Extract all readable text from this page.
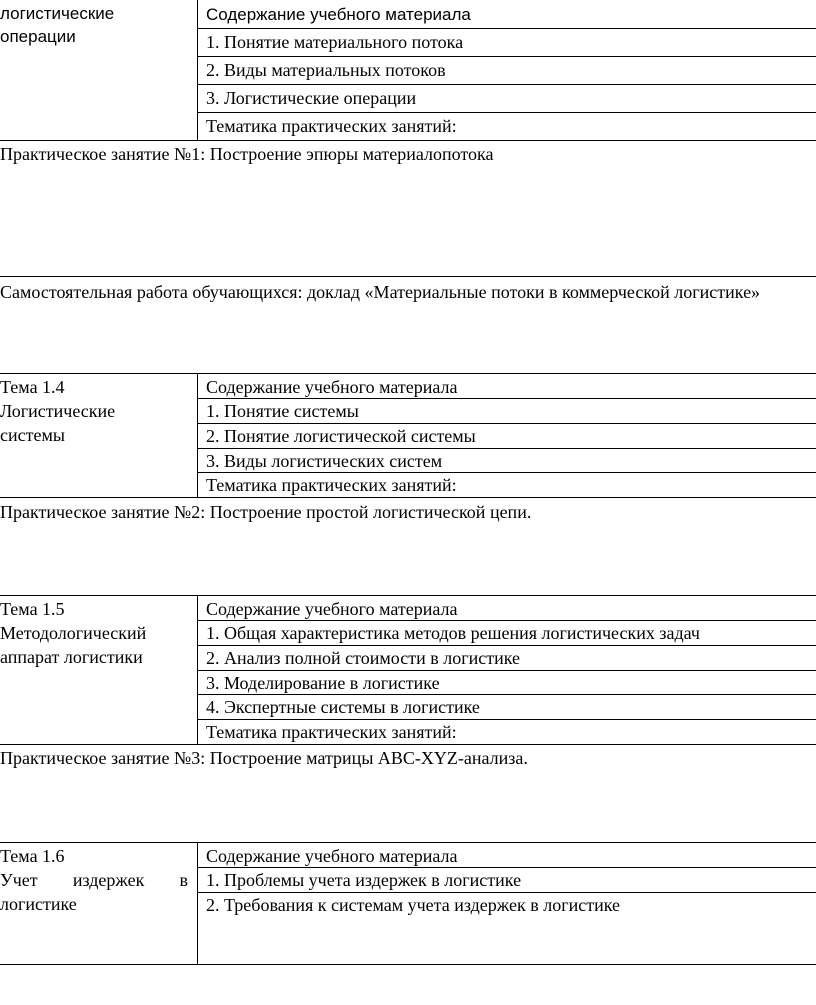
логистические
операции
Содержание учебного материала
1. Понятие материального потока
2. Виды материальных потоков
3. Логистические операции
Тематика практических занятий:
Практическое занятие №1: Построение эпюры материалопотока
Самостоятельная работа обучающихся: доклад «Материальные потоки в коммерческой логистике»
Тема 1.4
Логистические
системы
Содержание учебного материала
1. Понятие системы
2. Понятие логистической системы
3. Виды логистических систем
Тематика практических занятий:
Практическое занятие №2: Построение простой логистической цепи.
Тема 1.5
Методологический
аппарат логистики
Содержание учебного материала
1. Общая характеристика методов решения логистических задач
2. Анализ полной стоимости в логистике
3. Моделирование в логистике
4. Экспертные системы в логистике
Тематика практических занятий:
Практическое занятие №3: Построение матрицы ABC-XYZ-анализа.
Тема 1.6
Учет издержек в
логистике
Содержание учебного материала
1. Проблемы учета издержек в логистике
2. Требования к системам учета издержек в логистике
